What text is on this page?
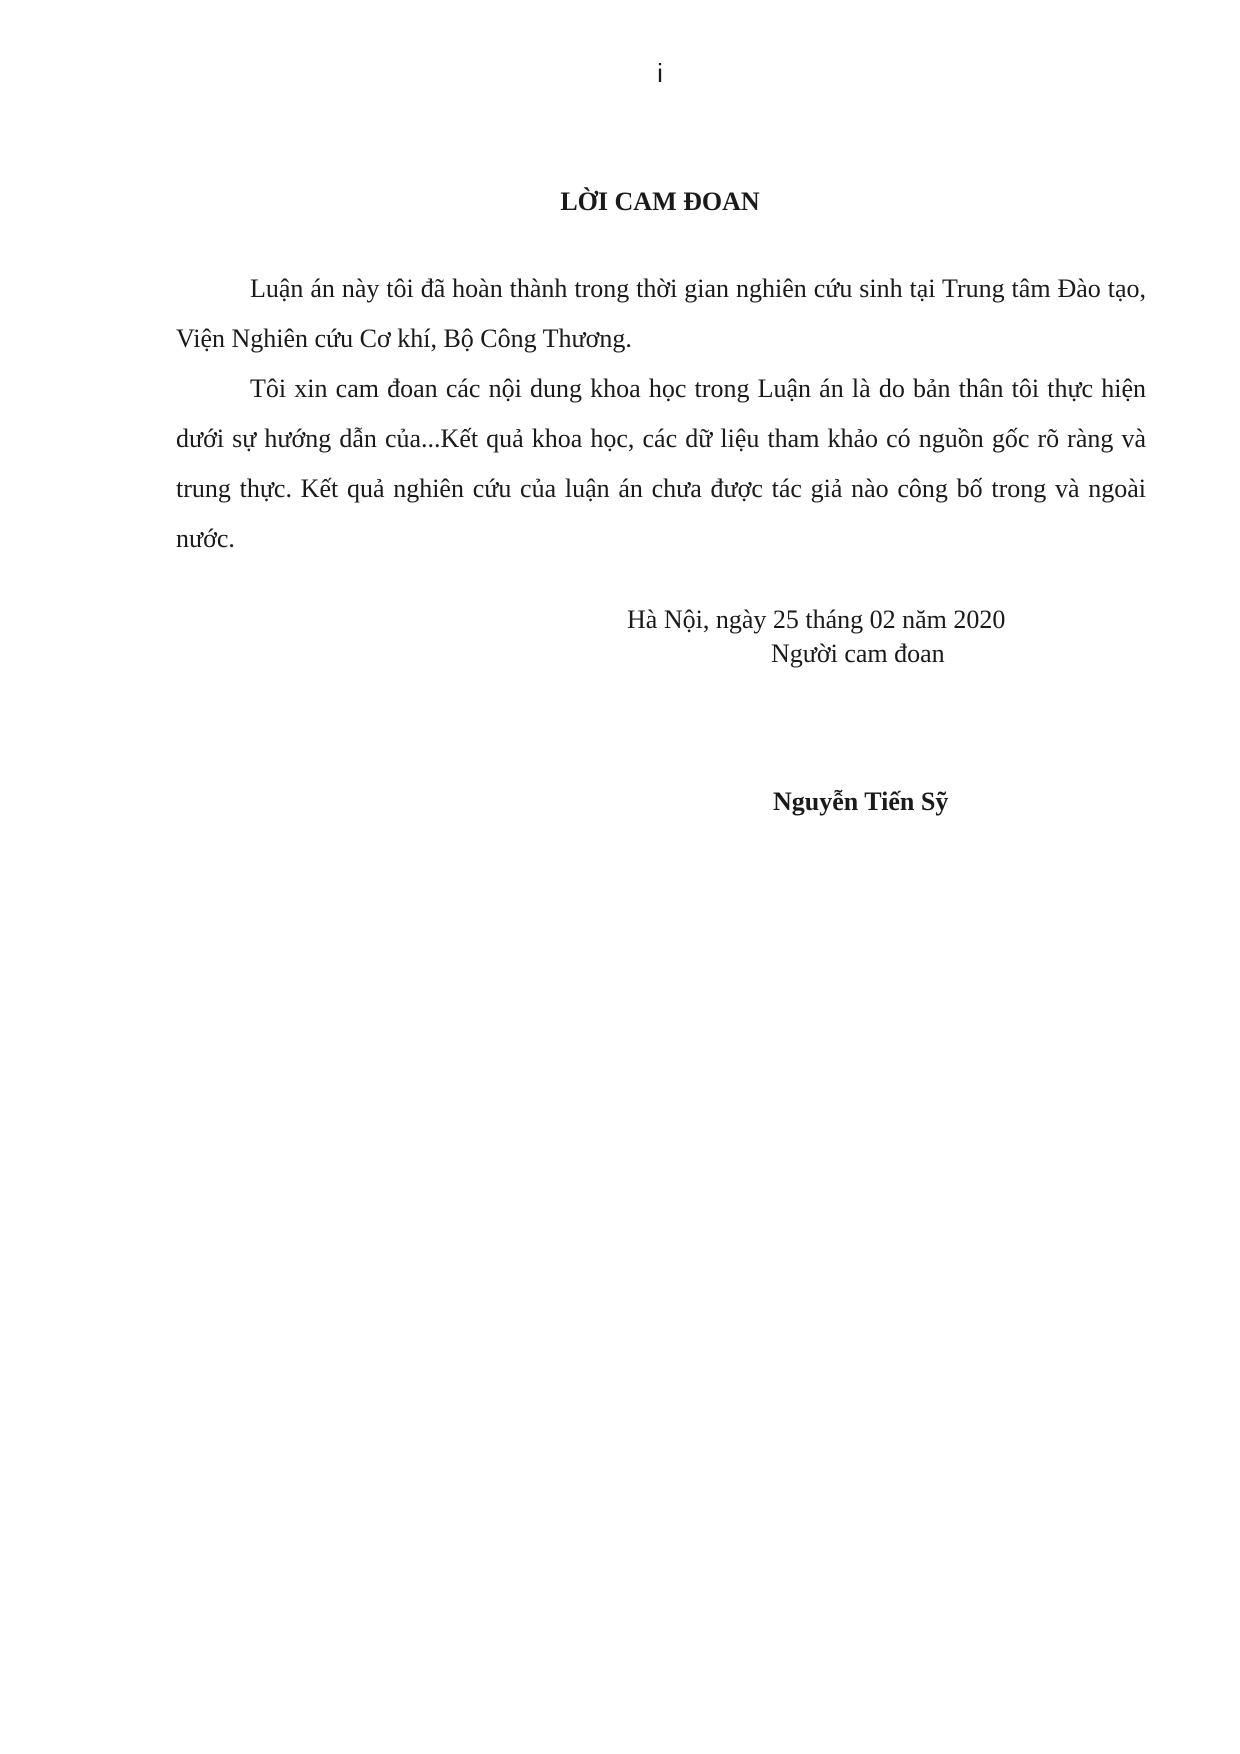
i
LỜI CAM ĐOAN

Luận án này tôi đã hoàn thành trong thời gian nghiên cứu sinh tại Trung tâm Đào tạo, Viện Nghiên cứu Cơ khí, Bộ Công Thương.

Tôi xin cam đoan các nội dung khoa học trong Luận án là do bản thân tôi thực hiện dưới sự hướng dẫn của...Kết quả khoa học, các dữ liệu tham khảo có nguồn gốc rõ ràng và trung thực. Kết quả nghiên cứu của luận án chưa được tác giả nào công bố trong và ngoài nước.

Hà Nội, ngày 25 tháng 02 năm 2020
Người cam đoan
Nguyễn Tiến Sỹ
